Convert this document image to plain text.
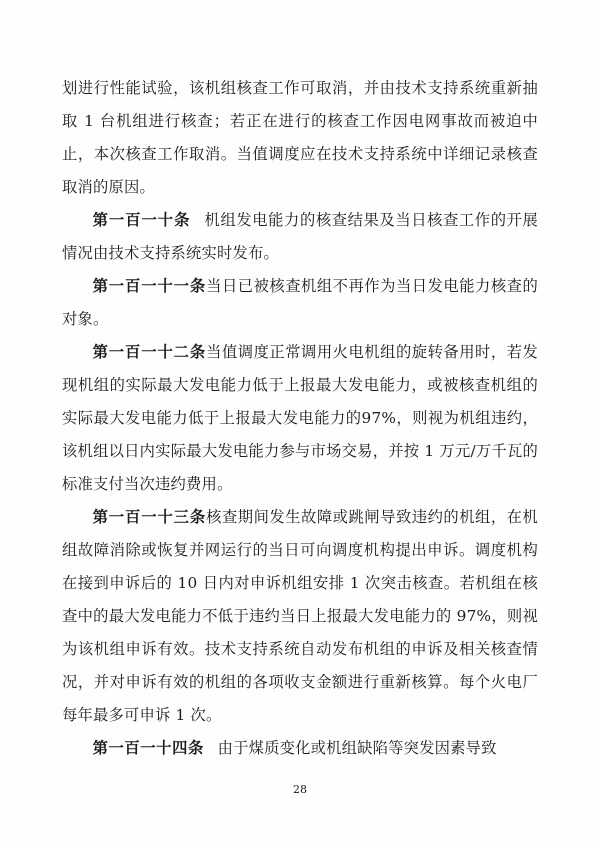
划进行性能试验，该机组核查工作可取消，并由技术支持系统重新抽取 1 台机组进行核查；若正在进行的核查工作因电网事故而被迫中止，本次核查工作取消。当值调度应在技术支持系统中详细记录核查取消的原因。

第一百一十条 机组发电能力的核查结果及当日核查工作的开展情况由技术支持系统实时发布。

第一百一十一条当日已被核查机组不再作为当日发电能力核查的对象。

第一百一十二条当值调度正常调用火电机组的旋转备用时，若发现机组的实际最大发电能力低于上报最大发电能力，或被核查机组的实际最大发电能力低于上报最大发电能力的97%，则视为机组违约，该机组以日内实际最大发电能力参与市场交易，并按 1 万元/万千瓦的标准支付当次违约费用。

第一百一十三条核查期间发生故障或跳闸导致违约的机组，在机组故障消除或恢复并网运行的当日可向调度机构提出申诉。调度机构在接到申诉后的 10 日内对申诉机组安排 1 次突击核查。若机组在核查中的最大发电能力不低于违约当日上报最大发电能力的 97%，则视为该机组申诉有效。技术支持系统自动发布机组的申诉及相关核查情况，并对申诉有效的机组的各项收支金额进行重新核算。每个火电厂每年最多可申诉 1 次。

第一百一十四条 由于煤质变化或机组缺陷等突发因素导致

28
